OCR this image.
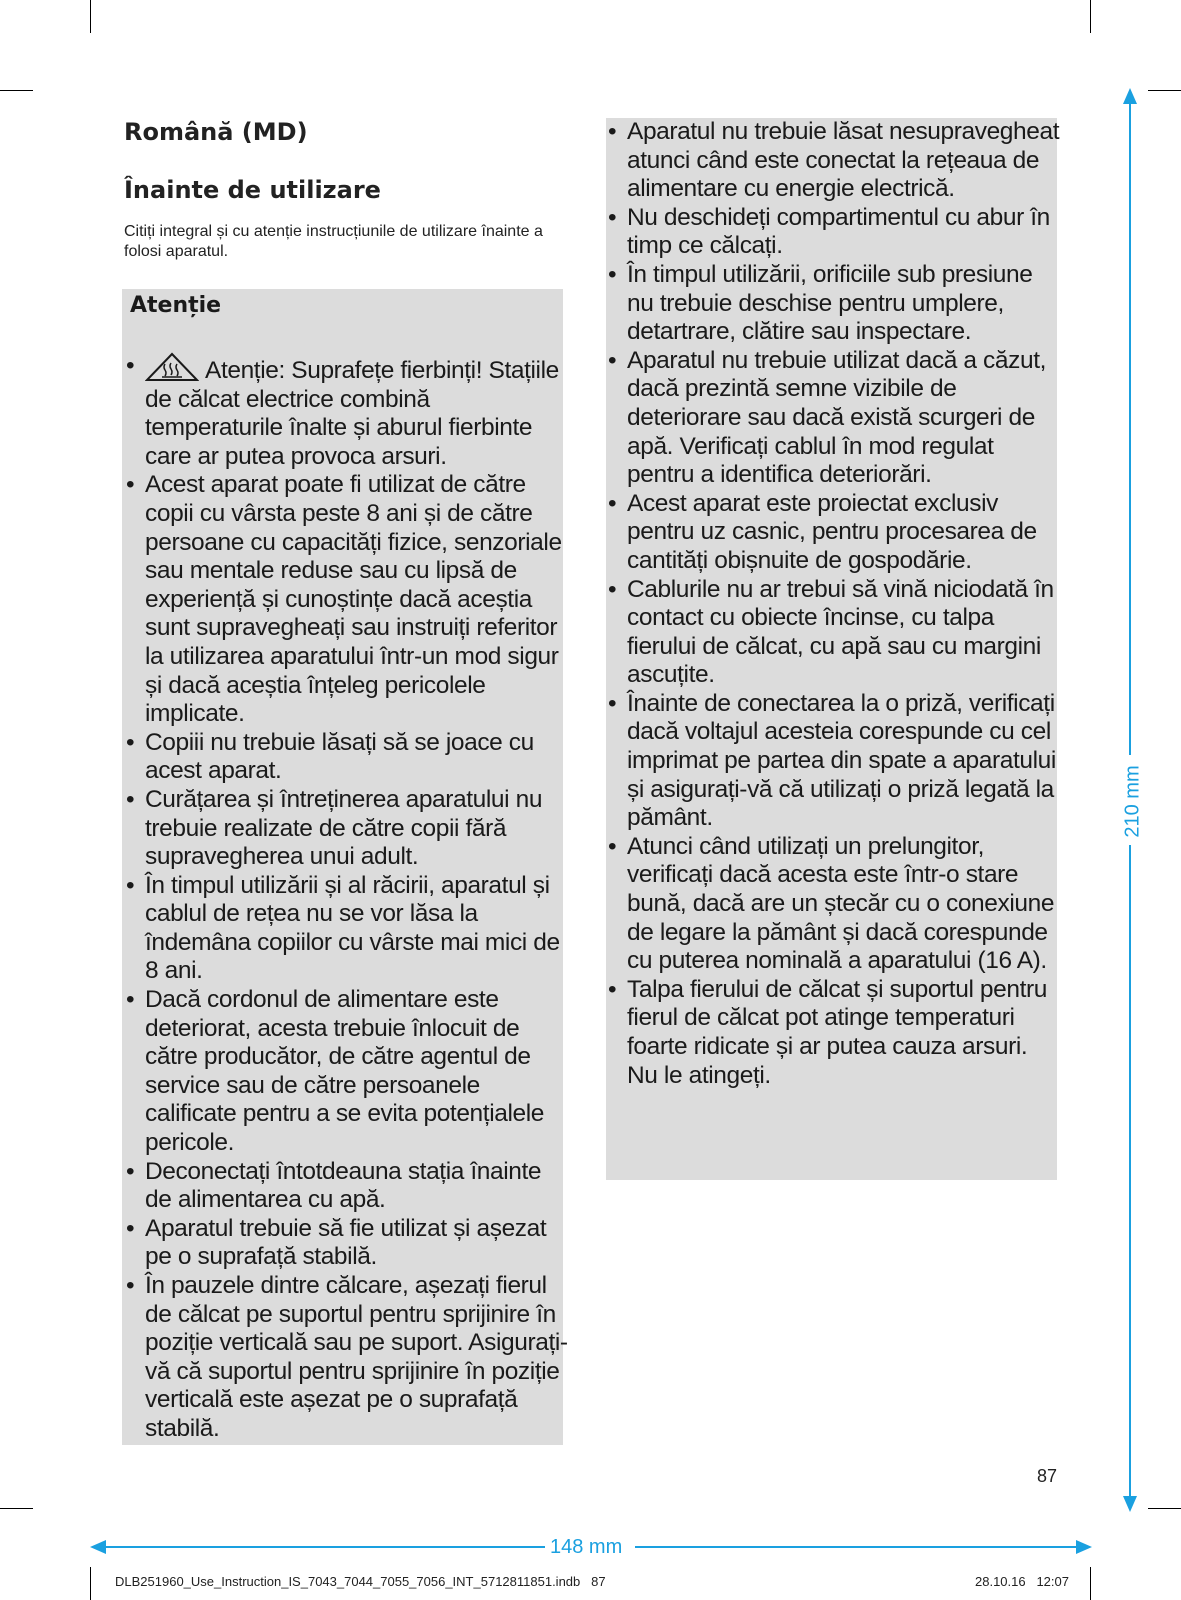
210 mm
148 mm
Română (MD)
Înainte de utilizare
Citiți integral și cu atenție instrucțiunile de utilizare înainte a folosi aparatul.
Atenție
• Atenție: Suprafețe fierbinți! Stațiile de călcat electrice combină temperaturile înalte și aburul fierbinte care ar putea provoca arsuri.
• Acest aparat poate fi utilizat de către copii cu vârsta peste 8 ani și de către persoane cu capacități fizice, senzoriale sau mentale reduse sau cu lipsă de experiență și cunoștințe dacă aceștia sunt supravegheați sau instruiți referitor la utilizarea aparatului într-un mod sigur și dacă aceștia înțeleg pericolele implicate.
• Copiii nu trebuie lăsați să se joace cu acest aparat.
• Curățarea și întreținerea aparatului nu trebuie realizate de către copii fără supravegherea unui adult.
• În timpul utilizării și al răcirii, aparatul și cablul de rețea nu se vor lăsa la îndemâna copiilor cu vârste mai mici de 8 ani.
• Dacă cordonul de alimentare este deteriorat, acesta trebuie înlocuit de către producător, de către agentul de service sau de către persoanele calificate pentru a se evita potențialele pericole.
• Deconectați întotdeauna stația înainte de alimentarea cu apă.
• Aparatul trebuie să fie utilizat și așezat pe o suprafață stabilă.
• În pauzele dintre călcare, așezați fierul de călcat pe suportul pentru sprijinire în poziție verticală sau pe suport. Asigurați-vă că suportul pentru sprijinire în poziție verticală este așezat pe o suprafață stabilă.
• Aparatul nu trebuie lăsat nesupravegheat atunci când este conectat la rețeaua de alimentare cu energie electrică.
• Nu deschideți compartimentul cu abur în timp ce călcați.
• În timpul utilizării, orificiile sub presiune nu trebuie deschise pentru umplere, detartrare, clătire sau inspectare.
• Aparatul nu trebuie utilizat dacă a căzut, dacă prezintă semne vizibile de deteriorare sau dacă există scurgeri de apă. Verificați cablul în mod regulat pentru a identifica deteriorări.
• Acest aparat este proiectat exclusiv pentru uz casnic, pentru procesarea de cantități obișnuite de gospodărie.
• Cablurile nu ar trebui să vină niciodată în contact cu obiecte încinse, cu talpa fierului de călcat, cu apă sau cu margini ascuțite.
• Înainte de conectarea la o priză, verificați dacă voltajul acesteia corespunde cu cel imprimat pe partea din spate a aparatului și asigurați-vă că utilizați o priză legată la pământ.
• Atunci când utilizați un prelungitor, verificați dacă acesta este într-o stare bună, dacă are un ștecăr cu o conexiune de legare la pământ și dacă corespunde cu puterea nominală a aparatului (16 A).
• Talpa fierului de călcat și suportul pentru fierul de călcat pot atinge temperaturi foarte ridicate și ar putea cauza arsuri. Nu le atingeți.
87
DLB251960_Use_Instruction_IS_7043_7044_7055_7056_INT_5712811851.indb   87	28.10.16   12:07
